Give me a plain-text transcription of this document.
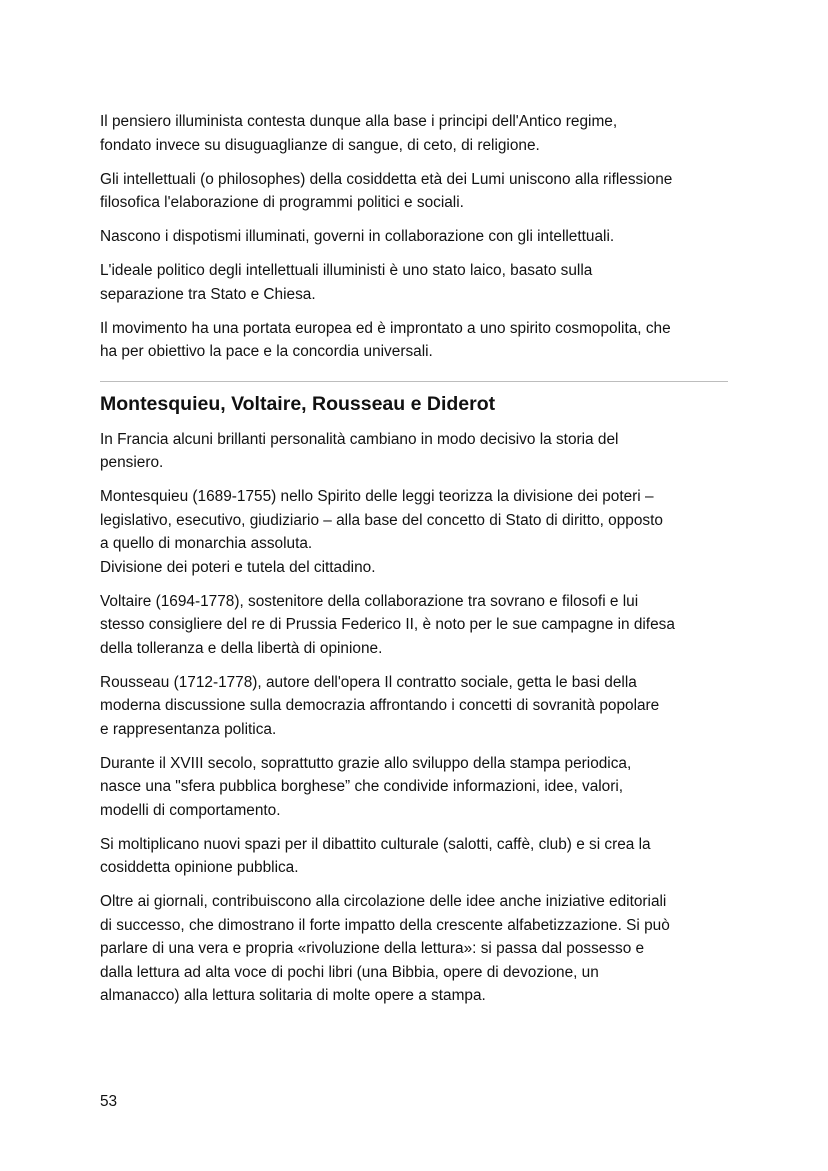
Il pensiero illuminista contesta dunque alla base i principi dell'Antico regime,
fondato invece su disuguaglianze di sangue, di ceto, di religione.

Gli intellettuali (o philosophes) della cosiddetta età dei Lumi uniscono alla riflessione
filosofica l'elaborazione di programmi politici e sociali.

Nascono i dispotismi illuminati, governi in collaborazione con gli intellettuali.

L'ideale politico degli intellettuali illuministi è uno stato laico, basato sulla
separazione tra Stato e Chiesa.

Il movimento ha una portata europea ed è improntato a uno spirito cosmopolita, che
ha per obiettivo la pace e la concordia universali.

Montesquieu, Voltaire, Rousseau e Diderot

In Francia alcuni brillanti personalità cambiano in modo decisivo la storia del
pensiero.

Montesquieu (1689-1755) nello Spirito delle leggi teorizza la divisione dei poteri –
legislativo, esecutivo, giudiziario – alla base del concetto di Stato di diritto, opposto
a quello di monarchia assoluta.
Divisione dei poteri e tutela del cittadino.

Voltaire (1694-1778), sostenitore della collaborazione tra sovrano e filosofi e lui
stesso consigliere del re di Prussia Federico II, è noto per le sue campagne in difesa
della tolleranza e della libertà di opinione.

Rousseau (1712-1778), autore dell'opera Il contratto sociale, getta le basi della
moderna discussione sulla democrazia affrontando i concetti di sovranità popolare
e rappresentanza politica.

Durante il XVIII secolo, soprattutto grazie allo sviluppo della stampa periodica,
nasce una "sfera pubblica borghese” che condivide informazioni, idee, valori,
modelli di comportamento.

Si moltiplicano nuovi spazi per il dibattito culturale (salotti, caffè, club) e si crea la
cosiddetta opinione pubblica.

Oltre ai giornali, contribuiscono alla circolazione delle idee anche iniziative editoriali
di successo, che dimostrano il forte impatto della crescente alfabetizzazione. Si può
parlare di una vera e propria «rivoluzione della lettura»: si passa dal possesso e
dalla lettura ad alta voce di pochi libri (una Bibbia, opere di devozione, un
almanacco) alla lettura solitaria di molte opere a stampa.

53
